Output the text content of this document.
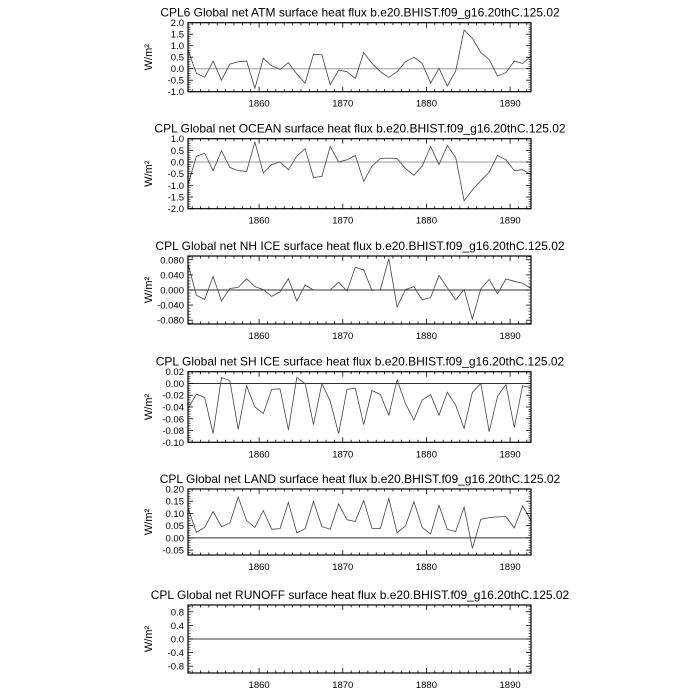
CPL6 Global net ATM surface heat flux b.e20.BHIST.f09_g16.20thC.125.02
W/m²
1860	1870	1880	1890
2.0
1.5
1.0
0.5
0.0
-0.5
-1.0
CPL Global net OCEAN surface heat flux b.e20.BHIST.f09_g16.20thC.125.02
W/m²
1860	1870	1880	1890
1.0
0.5
0.0
-0.5
-1.0
-1.5
-2.0
CPL Global net NH ICE surface heat flux b.e20.BHIST.f09_g16.20thC.125.02
W/m²
1860	1870	1880	1890
0.080
0.040
0.000
-0.040
-0.080
CPL Global net SH ICE surface heat flux b.e20.BHIST.f09_g16.20thC.125.02
W/m²
1860	1870	1880	1890
0.02
0.00
-0.02
-0.04
-0.06
-0.08
-0.10
CPL Global net LAND surface heat flux b.e20.BHIST.f09_g16.20thC.125.02
W/m²
1860	1870	1880	1890
0.20
0.15
0.10
0.05
0.00
-0.05
CPL Global net RUNOFF surface heat flux b.e20.BHIST.f09_g16.20thC.125.02
W/m²
1860	1870	1880	1890
0.8
0.4
0.0
-0.4
-0.8
